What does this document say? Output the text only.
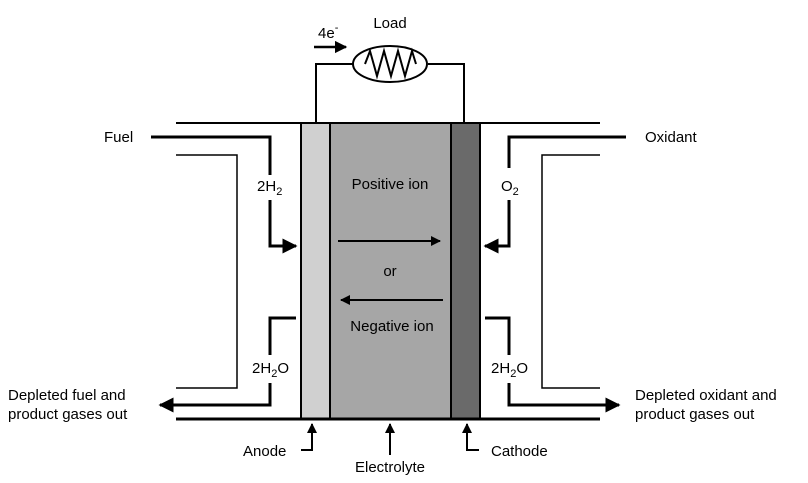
Load
4e-
Fuel	Oxidant
$2H_2$	$O_2$
$2H_2O$	$2H_2O$
Positive ion
or
Negative ion
Depleted fuel and
product gases out
Depleted oxidant and
product gases out
Anode
Electrolyte
Cathode
